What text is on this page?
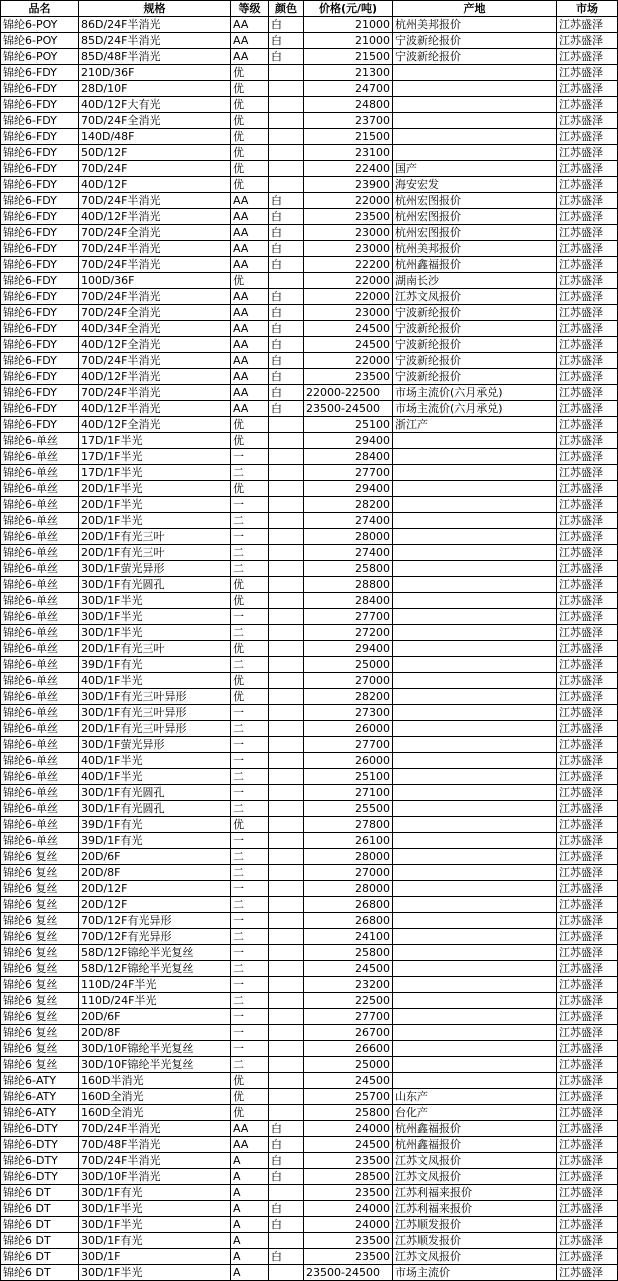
品名	规格	等级	颜色	价格(元/吨)	产地	市场
锦纶6-POY	86D/24F半消光	AA	白	21000	杭州美邦报价	江苏盛泽
锦纶6-POY	85D/24F半消光	AA	白	21000	宁波新纶报价	江苏盛泽
锦纶6-POY	85D/48F半消光	AA	白	21500	宁波新纶报价	江苏盛泽
锦纶6-FDY	210D/36F	优		21300		江苏盛泽
锦纶6-FDY	28D/10F	优		24700		江苏盛泽
锦纶6-FDY	40D/12F大有光	优		24800		江苏盛泽
锦纶6-FDY	70D/24F全消光	优		23700		江苏盛泽
锦纶6-FDY	140D/48F	优		21500		江苏盛泽
锦纶6-FDY	50D/12F	优		23100		江苏盛泽
锦纶6-FDY	70D/24F	优		22400	国产	江苏盛泽
锦纶6-FDY	40D/12F	优		23900	海安宏发	江苏盛泽
锦纶6-FDY	70D/24F半消光	AA	白	22000	杭州宏图报价	江苏盛泽
锦纶6-FDY	40D/12F半消光	AA	白	23500	杭州宏图报价	江苏盛泽
锦纶6-FDY	70D/24F全消光	AA	白	23000	杭州宏图报价	江苏盛泽
锦纶6-FDY	70D/24F半消光	AA	白	23000	杭州美邦报价	江苏盛泽
锦纶6-FDY	70D/24F半消光	AA	白	22200	杭州鑫福报价	江苏盛泽
锦纶6-FDY	100D/36F	优		22000	湖南长沙	江苏盛泽
锦纶6-FDY	70D/24F半消光	AA	白	22000	江苏文凤报价	江苏盛泽
锦纶6-FDY	70D/24F全消光	AA	白	23000	宁波新纶报价	江苏盛泽
锦纶6-FDY	40D/34F全消光	AA	白	24500	宁波新纶报价	江苏盛泽
锦纶6-FDY	40D/12F全消光	AA	白	24500	宁波新纶报价	江苏盛泽
锦纶6-FDY	70D/24F半消光	AA	白	22000	宁波新纶报价	江苏盛泽
锦纶6-FDY	40D/12F半消光	AA	白	23500	宁波新纶报价	江苏盛泽
锦纶6-FDY	70D/24F半消光	AA	白	22000-22500	市场主流价(六月承兑)	江苏盛泽
锦纶6-FDY	40D/12F半消光	AA	白	23500-24500	市场主流价(六月承兑)	江苏盛泽
锦纶6-FDY	40D/12F全消光	优		25100	浙江产	江苏盛泽
锦纶6-单丝	17D/1F半光	优		29400		江苏盛泽
锦纶6-单丝	17D/1F半光	一		28400		江苏盛泽
锦纶6-单丝	17D/1F半光	二		27700		江苏盛泽
锦纶6-单丝	20D/1F半光	优		29400		江苏盛泽
锦纶6-单丝	20D/1F半光	一		28200		江苏盛泽
锦纶6-单丝	20D/1F半光	二		27400		江苏盛泽
锦纶6-单丝	20D/1F有光三叶	一		28000		江苏盛泽
锦纶6-单丝	20D/1F有光三叶	二		27400		江苏盛泽
锦纶6-单丝	30D/1F萤光异形	二		25800		江苏盛泽
锦纶6-单丝	30D/1F有光圆孔	优		28800		江苏盛泽
锦纶6-单丝	30D/1F半光	优		28400		江苏盛泽
锦纶6-单丝	30D/1F半光	一		27700		江苏盛泽
锦纶6-单丝	30D/1F半光	二		27200		江苏盛泽
锦纶6-单丝	20D/1F有光三叶	优		29400		江苏盛泽
锦纶6-单丝	39D/1F有光	二		25000		江苏盛泽
锦纶6-单丝	40D/1F半光	优		27000		江苏盛泽
锦纶6-单丝	30D/1F有光三叶异形	优		28200		江苏盛泽
锦纶6-单丝	30D/1F有光三叶异形	一		27300		江苏盛泽
锦纶6-单丝	20D/1F有光三叶异形	二		26000		江苏盛泽
锦纶6-单丝	30D/1F萤光异形	一		27700		江苏盛泽
锦纶6-单丝	40D/1F半光	一		26000		江苏盛泽
锦纶6-单丝	40D/1F半光	二		25100		江苏盛泽
锦纶6-单丝	30D/1F有光圆孔	一		27100		江苏盛泽
锦纶6-单丝	30D/1F有光圆孔	二		25500		江苏盛泽
锦纶6-单丝	39D/1F有光	优		27800		江苏盛泽
锦纶6-单丝	39D/1F有光	一		26100		江苏盛泽
锦纶6 复丝	20D/6F	二		28000		江苏盛泽
锦纶6 复丝	20D/8F	二		27000		江苏盛泽
锦纶6 复丝	20D/12F	一		28000		江苏盛泽
锦纶6 复丝	20D/12F	二		26800		江苏盛泽
锦纶6 复丝	70D/12F有光异形	一		26800		江苏盛泽
锦纶6 复丝	70D/12F有光异形	二		24100		江苏盛泽
锦纶6 复丝	58D/12F锦纶半光复丝	一		25800		江苏盛泽
锦纶6 复丝	58D/12F锦纶半光复丝	二		24500		江苏盛泽
锦纶6 复丝	110D/24F半光	一		23200		江苏盛泽
锦纶6 复丝	110D/24F半光	二		22500		江苏盛泽
锦纶6 复丝	20D/6F	一		27700		江苏盛泽
锦纶6 复丝	20D/8F	一		26700		江苏盛泽
锦纶6 复丝	30D/10F锦纶半光复丝	一		26600		江苏盛泽
锦纶6 复丝	30D/10F锦纶半光复丝	二		25000		江苏盛泽
锦纶6-ATY	160D半消光	优		24500		江苏盛泽
锦纶6-ATY	160D全消光	优		25700	山东产	江苏盛泽
锦纶6-ATY	160D全消光	优		25800	台化产	江苏盛泽
锦纶6-DTY	70D/24F半消光	AA	白	24000	杭州鑫福报价	江苏盛泽
锦纶6-DTY	70D/48F半消光	AA	白	24500	杭州鑫福报价	江苏盛泽
锦纶6-DTY	70D/24F半消光	A	白	23500	江苏文凤报价	江苏盛泽
锦纶6-DTY	30D/10F半消光	A	白	28500	江苏文凤报价	江苏盛泽
锦纶6 DT	30D/1F有光	A		23500	江苏利福来报价	江苏盛泽
锦纶6 DT	30D/1F半光	A	白	24000	江苏利福来报价	江苏盛泽
锦纶6 DT	30D/1F半光	A	白	24000	江苏顺发报价	江苏盛泽
锦纶6 DT	30D/1F有光	A		23500	江苏顺发报价	江苏盛泽
锦纶6 DT	30D/1F	A	白	23500	江苏文凤报价	江苏盛泽
锦纶6 DT	30D/1F半光	A		23500-24500	市场主流价	江苏盛泽
